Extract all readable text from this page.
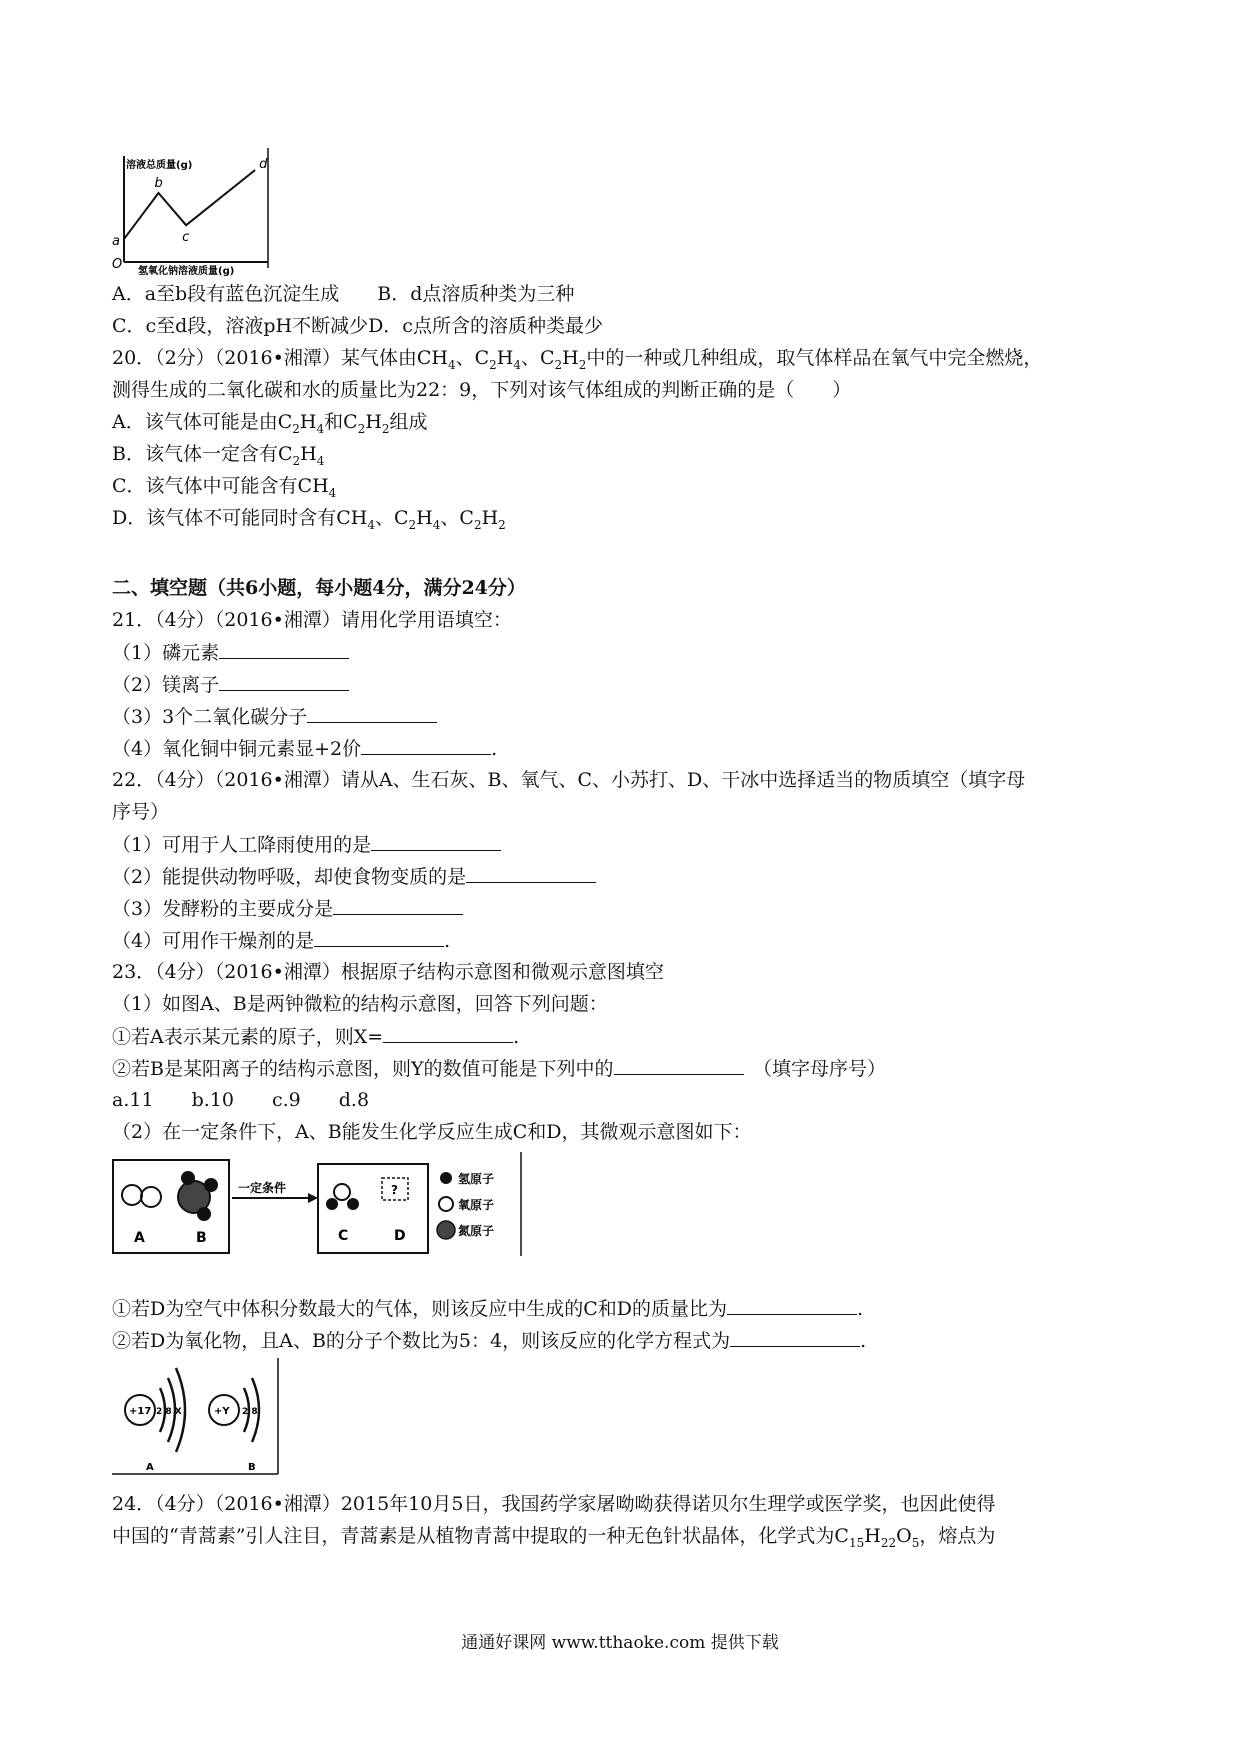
溶液总质量(g)
氢氧化钠溶液质量(g)
O
a
b
c
d
A．a至b段有蓝色沉淀生成　　 B．d点溶质种类为三种
C．c至d段，溶液pH不断减少D．c点所含的溶质种类最少
20．（2分）（2016•湘潭）某气体由$CH_4$、$C_2H_4$、$C_2H_2$中的一种或几种组成，取气体样品在氧气中完全燃烧，
测得生成的二氧化碳和水的质量比为22：9，下列对该气体组成的判断正确的是（　　）
A．该气体可能是由$C_2H_4$和$C_2H_2$组成
B．该气体一定含有$C_2H_4$
C．该气体中可能含有$CH_4$
D．该气体不可能同时含有$CH_4$、$C_2H_4$、$C_2H_2$
二、填空题（共6小题，每小题4分，满分24分）
21．（4分）（2016•湘潭）请用化学用语填空：
（1）磷元素
（2）镁离子
（3）3个二氧化碳分子
（4）氧化铜中铜元素显+2价	.
22．（4分）（2016•湘潭）请从A、生石灰、B、氧气、C、小苏打、D、干冰中选择适当的物质填空（填字母
序号）
（1）可用于人工降雨使用的是
（2）能提供动物呼吸，却使食物变质的是
（3）发酵粉的主要成分是
（4）可用作干燥剂的是	.
23．（4分）（2016•湘潭）根据原子结构示意图和微观示意图填空
（1）如图A、B是两钟微粒的结构示意图，回答下列问题：
①若A表示某元素的原子，则X=	.
②若B是某阳离子的结构示意图，则Y的数值可能是下列中的　	（填字母序号）
a.11　　 b.10　　 c.9　　 d.8
（2）在一定条件下，A、B能发生化学反应生成C和D，其微观示意图如下：
A	B
一定条件	?
C	D
氢原子
氧原子
氮原子
①若D为空气中体积分数最大的气体，则该反应中生成的C和D的质量比为	.
②若D为氧化物，且A、B的分子个数比为5：4，则该反应的化学方程式为	.
+17 2 8 X
A
+Y 2 8
B
24．（4分）（2016•湘潭）2015年10月5日，我国药学家屠呦呦获得诺贝尔生理学或医学奖，也因此使得
中国的“青蒿素”引人注目，青蒿素是从植物青蒿中提取的一种无色针状晶体，化学式为$C_{15}H_{22}O_5$，熔点为
通通好课网 www.tthaoke.com 提供下载
